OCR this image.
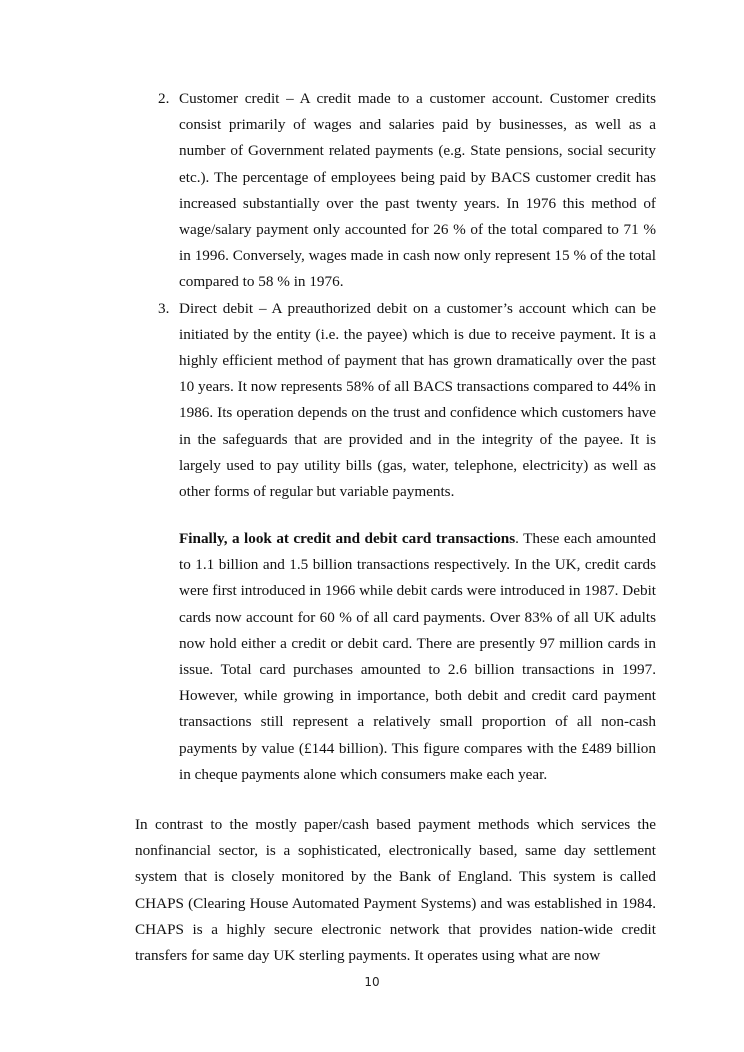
2. Customer credit – A credit made to a customer account. Customer credits consist primarily of wages and salaries paid by businesses, as well as a number of Government related payments (e.g. State pensions, social security etc.). The percentage of employees being paid by BACS customer credit has increased substantially over the past twenty years. In 1976 this method of wage/salary payment only accounted for 26 % of the total compared to 71 % in 1996. Conversely, wages made in cash now only represent 15 % of the total compared to 58 % in 1976.
3. Direct debit – A preauthorized debit on a customer’s account which can be initiated by the entity (i.e. the payee) which is due to receive payment. It is a highly efficient method of payment that has grown dramatically over the past 10 years. It now represents 58% of all BACS transactions compared to 44% in 1986. Its operation depends on the trust and confidence which customers have in the safeguards that are provided and in the integrity of the payee. It is largely used to pay utility bills (gas, water, telephone, electricity) as well as other forms of regular but variable payments.

Finally, a look at credit and debit card transactions. These each amounted to 1.1 billion and 1.5 billion transactions respectively. In the UK, credit cards were first introduced in 1966 while debit cards were introduced in 1987. Debit cards now account for 60 % of all card payments. Over 83% of all UK adults now hold either a credit or debit card. There are presently 97 million cards in issue. Total card purchases amounted to 2.6 billion transactions in 1997. However, while growing in importance, both debit and credit card payment transactions still represent a relatively small proportion of all non-cash payments by value (£144 billion). This figure compares with the £489 billion in cheque payments alone which consumers make each year.

In contrast to the mostly paper/cash based payment methods which services the nonfinancial sector, is a sophisticated, electronically based, same day settlement system that is closely monitored by the Bank of England. This system is called CHAPS (Clearing House Automated Payment Systems) and was established in 1984. CHAPS is a highly secure electronic network that provides nation-wide credit transfers for same day UK sterling payments. It operates using what are now

10
